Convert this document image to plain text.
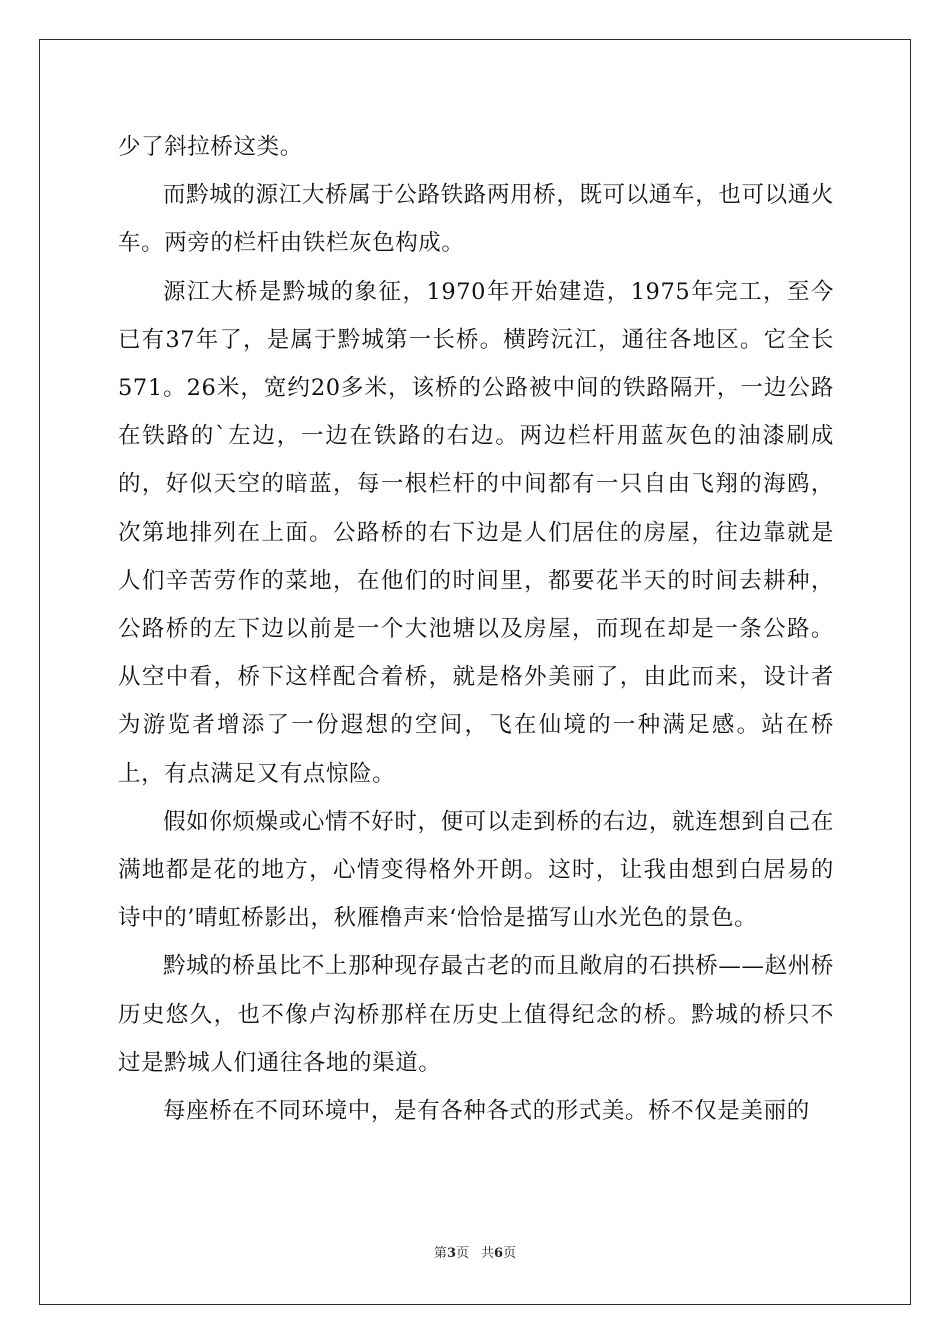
少了斜拉桥这类。

而黔城的源江大桥属于公路铁路两用桥，既可以通车，也可以通火车。两旁的栏杆由铁栏灰色构成。

源江大桥是黔城的象征，1970年开始建造，1975年完工，至今已有37年了，是属于黔城第一长桥。横跨沅江，通往各地区。它全长571。26米，宽约20多米，该桥的公路被中间的铁路隔开，一边公路在铁路的`左边，一边在铁路的右边。两边栏杆用蓝灰色的油漆刷成的，好似天空的暗蓝，每一根栏杆的中间都有一只自由飞翔的海鸥，次第地排列在上面。公路桥的右下边是人们居住的房屋，往边靠就是人们辛苦劳作的菜地，在他们的时间里，都要花半天的时间去耕种，公路桥的左下边以前是一个大池塘以及房屋，而现在却是一条公路。从空中看，桥下这样配合着桥，就是格外美丽了，由此而来，设计者为游览者增添了一份遐想的空间，飞在仙境的一种满足感。站在桥上，有点满足又有点惊险。

假如你烦燥或心情不好时，便可以走到桥的右边，就连想到自己在满地都是花的地方，心情变得格外开朗。这时，让我由想到白居易的诗中的’晴虹桥影出，秋雁橹声来‘恰恰是描写山水光色的景色。

黔城的桥虽比不上那种现存最古老的而且敞肩的石拱桥——赵州桥历史悠久，也不像卢沟桥那样在历史上值得纪念的桥。黔城的桥只不过是黔城人们通往各地的渠道。

每座桥在不同环境中，是有各种各式的形式美。桥不仅是美丽的

第3页 共6页
